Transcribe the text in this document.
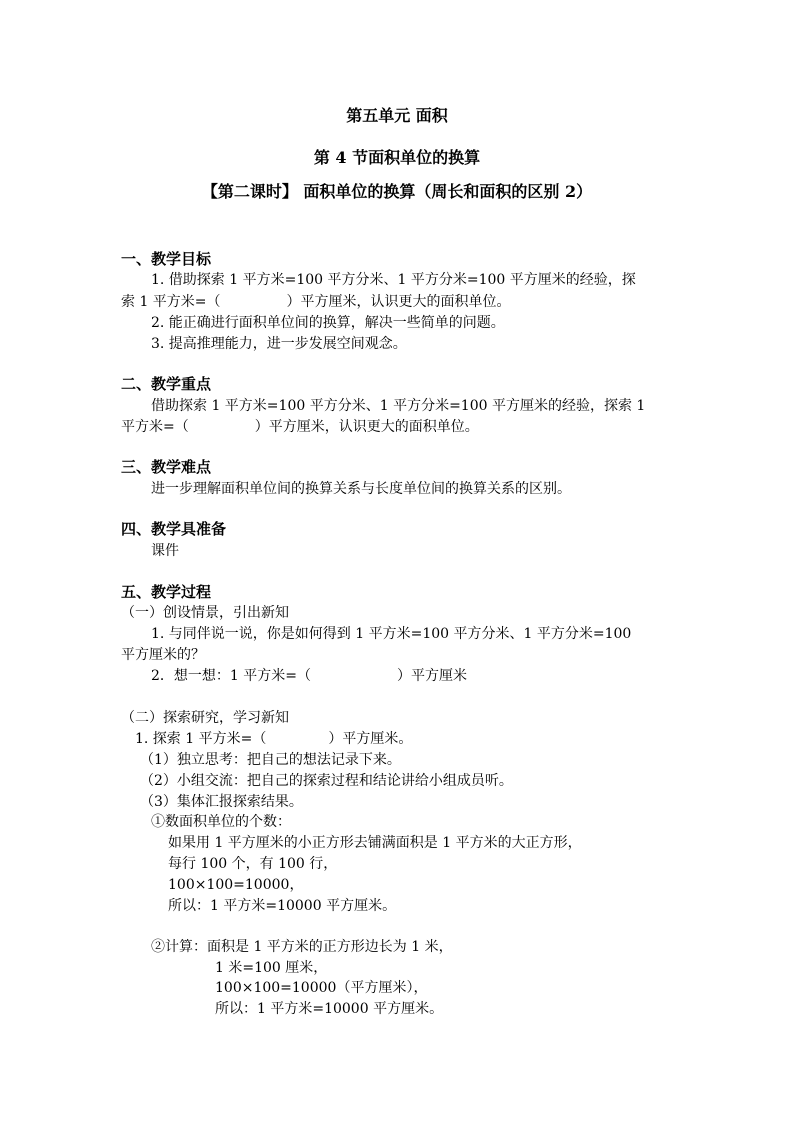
第五单元 面积
第 4 节面积单位的换算
【第二课时】 面积单位的换算（周长和面积的区别 2）
一、教学目标
1. 借助探索 1 平方米=100 平方分米、1 平方分米=100 平方厘米的经验，探
索 1 平方米=（	）平方厘米，认识更大的面积单位。
2. 能正确进行面积单位间的换算，解决一些简单的问题。
3. 提高推理能力，进一步发展空间观念。
二、教学重点
借助探索 1 平方米=100 平方分米、1 平方分米=100 平方厘米的经验，探索 1
平方米=（	）平方厘米，认识更大的面积单位。
三、教学难点
进一步理解面积单位间的换算关系与长度单位间的换算关系的区别。
四、教学具准备
课件
五、教学过程
（一）创设情景，引出新知
1. 与同伴说一说，你是如何得到 1 平方米=100 平方分米、1 平方分米=100
平方厘米的？
2．想一想：1 平方米=（	）平方厘米
（二）探索研究，学习新知
1. 探索 1 平方米=（	）平方厘米。
（1）独立思考：把自己的想法记录下来。
（2）小组交流：把自己的探索过程和结论讲给小组成员听。
（3）集体汇报探索结果。
①数面积单位的个数：
如果用 1 平方厘米的小正方形去铺满面积是 1 平方米的大正方形，
每行 100 个，有 100 行，
100×100=10000，
所以：1 平方米=10000 平方厘米。
②计算：面积是 1 平方米的正方形边长为 1 米，
1 米=100 厘米，
100×100=10000（平方厘米），
所以：1 平方米=10000 平方厘米。
